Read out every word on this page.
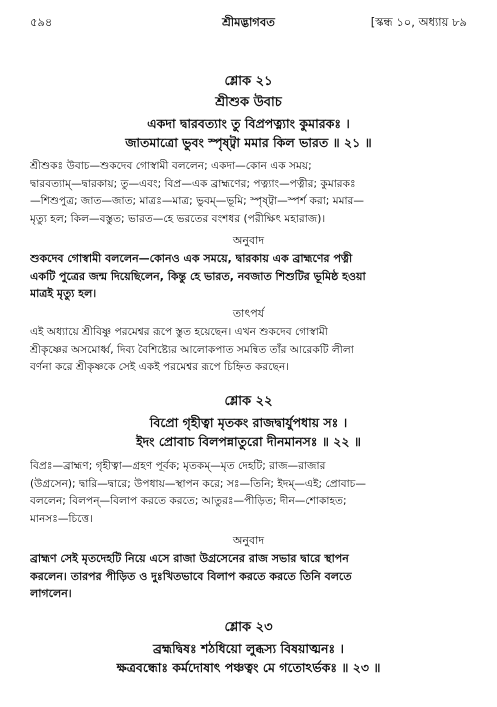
৫৯৪	শ্রীমদ্ভাগবত	[স্কন্ধ ১০, অধ্যায় ৮৯
শ্লোক ২১
শ্রীশুক উবাচ
একদা দ্বারবত্যাং তু বিপ্রপত্ন্যাং কুমারকঃ ।
জাতমাত্রো ভুবং স্পৃষ্ট্বা মমার কিল ভারত ॥ ২১ ॥
শ্রীশুকঃ উবাচ—শুকদেব গোস্বামী বললেন; একদা—কোন এক সময়;
দ্বারবত্যাম্—দ্বারকায়; তু—এবং; বিপ্র—এক ব্রাহ্মণের; পত্ন্যাং—পত্নীর; কুমারকঃ
—শিশুপুত্র; জাত—জাত; মাত্রঃ—মাত্র; ভুবম্—ভূমি; স্পৃষ্ট্বা—স্পর্শ করা; মমার—
মৃত্যু হল; কিল—বস্তুত; ভারত—হে ভরতের বংশধর (পরীক্ষিৎ মহারাজ)।
অনুবাদ
শুকদেব গোস্বামী বললেন—কোনও এক সময়ে, দ্বারকায় এক ব্রাহ্মণের পত্নী
একটি পুত্রের জন্ম দিয়েছিলেন, কিন্তু হে ভারত, নবজাত শিশুটির ভূমিষ্ঠ হওয়া
মাত্রই মৃত্যু হল।
তাৎপর্য
এই অধ্যায়ে শ্রীবিষ্ণু পরমেশ্বর রূপে স্তুত হয়েছেন। এখন শুকদেব গোস্বামী
শ্রীকৃষ্ণের অসমোর্ধ্ব, দিব্য বৈশিষ্ট্যের আলোকপাত সমন্বিত তাঁর আরেকটি লীলা
বর্ণনা করে শ্রীকৃষ্ণকে সেই একই পরমেশ্বর রূপে চিহ্নিত করছেন।
শ্লোক ২২
বিপ্রো গৃহীত্বা মৃতকং রাজদ্বার্যুপধায় সঃ ।
ইদং প্রোবাচ বিলপন্নাতুরো দীনমানসঃ ॥ ২২ ॥
বিপ্রঃ—ব্রাহ্মণ; গৃহীত্বা—গ্রহণ পূর্বক; মৃতকম্—মৃত দেহটি; রাজ—রাজার
(উগ্রসেন); দ্বারি—দ্বারে; উপধায়—স্থাপন করে; সঃ—তিনি; ইদম্—এই; প্রোবাচ—
বললেন; বিলপন্—বিলাপ করতে করতে; আতুরঃ—পীড়িত; দীন—শোকাহত;
মানসঃ—চিত্তে।
অনুবাদ
ব্রাহ্মণ সেই মৃতদেহটি নিয়ে এসে রাজা উগ্রসেনের রাজ সভার দ্বারে স্থাপন
করলেন। তারপর পীড়িত ও দুঃখিতভাবে বিলাপ করতে করতে তিনি বলতে
লাগলেন।
শ্লোক ২৩
ব্রহ্মদ্বিষঃ শঠধিয়ো লুব্ধস্য বিষয়াত্মনঃ ।
ক্ষত্রবন্ধোঃ কর্মদোষাৎ পঞ্চত্বং মে গতোঽর্ভকঃ ॥ ২৩ ॥
